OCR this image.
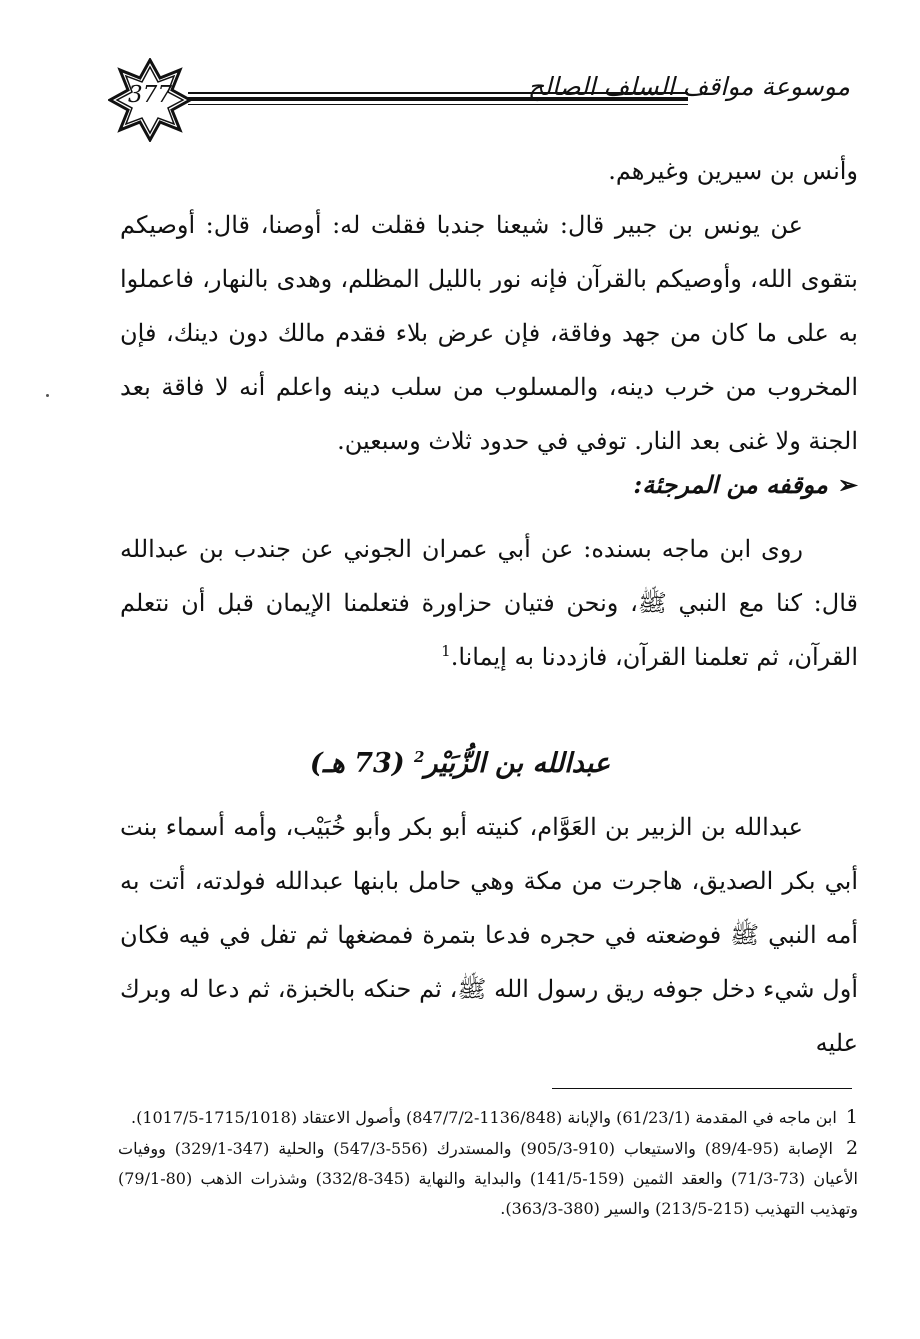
377	موسوعة مواقف السلف الصالح

وأنس بن سيرين وغيرهم.

عن يونس بن جبير قال: شيعنا جندبا فقلت له: أوصنا، قال: أوصيكم بتقوى الله، وأوصيكم بالقرآن فإنه نور بالليل المظلم، وهدى بالنهار، فاعملوا به على ما كان من جهد وفاقة، فإن عرض بلاء فقدم مالك دون دينك، فإن المخروب من خرب دينه، والمسلوب من سلب دينه واعلم أنه لا فاقة بعد الجنة ولا غنى بعد النار. توفي في حدود ثلاث وسبعين.

➢موقفه من المرجئة:

روى ابن ماجه بسنده: عن أبي عمران الجوني عن جندب بن عبدالله قال: كنا مع النبي ﷺ، ونحن فتيان حزاورة فتعلمنا الإيمان قبل أن نتعلم القرآن، ثم تعلمنا القرآن، فازددنا به إيمانا.$^1$

عبدالله بن الزُّبَيْر$^2$ (73 هـ)

عبدالله بن الزبير بن العَوَّام، كنيته أبو بكر وأبو خُبَيْب، وأمه أسماء بنت أبي بكر الصديق، هاجرت من مكة وهي حامل بابنها عبدالله فولدته، أتت به أمه النبي ﷺ فوضعته في حجره فدعا بتمرة فمضغها ثم تفل في فيه فكان أول شيء دخل جوفه ريق رسول الله ﷺ، ثم حنكه بالخبزة، ثم دعا له وبرك عليه

1 ابن ماجه في المقدمة (61/23/1) والإبانة (1136/848-847/7/2) وأصول الاعتقاد (1715/1018-1017/5).
2 الإصابة (95-89/4) والاستيعاب (910-905/3) والمستدرك (556-547/3) والحلية (347-329/1) ووفيات الأعيان (73-71/3) والعقد الثمين (159-141/5) والبداية والنهاية (345-332/8) وشذرات الذهب (80-79/1) وتهذيب التهذيب (215-213/5) والسير (380-363/3).
